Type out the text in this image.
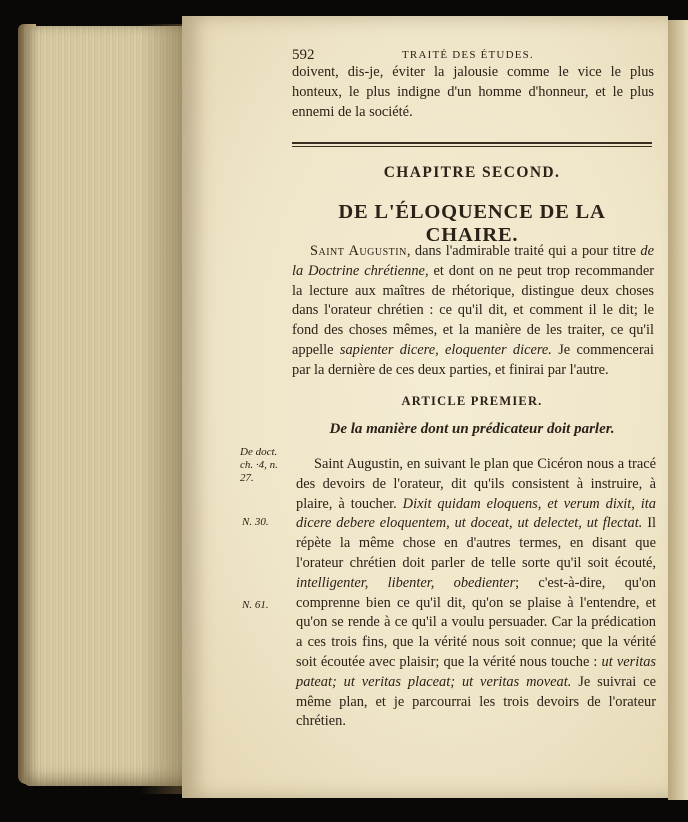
592	TRAITÉ DES ÉTUDES.

doivent, dis-je, éviter la jalousie comme le vice le plus honteux, le plus indigne d'un homme d'honneur, et le plus ennemi de la société.

CHAPITRE SECOND.
DE L'ÉLOQUENCE DE LA CHAIRE.

Saint Augustin, dans l'admirable traité qui a pour titre de la Doctrine chrétienne, et dont on ne peut trop recommander la lecture aux maîtres de rhétorique, distingue deux choses dans l'orateur chrétien : ce qu'il dit, et comment il le dit; le fond des choses mêmes, et la manière de les traiter, ce qu'il appelle sapienter dicere, eloquenter dicere. Je commencerai par la dernière de ces deux parties, et finirai par l'autre.

ARTICLE PREMIER.
De la manière dont un prédicateur doit parler.
De doct. ch. ·4, n. 27.
N. 30.
N. 61.

Saint Augustin, en suivant le plan que Cicéron nous a tracé des devoirs de l'orateur, dit qu'ils consistent à instruire, à plaire, à toucher. Dixit quidam eloquens, et verum dixit, ita dicere debere eloquentem, ut doceat, ut delectet, ut flectat. Il répète la même chose en d'autres termes, en disant que l'orateur chrétien doit parler de telle sorte qu'il soit écouté, intelligenter, libenter, obedienter; c'est-à-dire, qu'on comprenne bien ce qu'il dit, qu'on se plaise à l'entendre, et qu'on se rende à ce qu'il a voulu persuader. Car la prédication a ces trois fins, que la vérité nous soit connue; que la vérité soit écoutée avec plaisir; que la vérité nous touche : ut veritas pateat; ut veritas placeat; ut veritas moveat. Je suivrai ce même plan, et je parcourrai les trois devoirs de l'orateur chrétien.
